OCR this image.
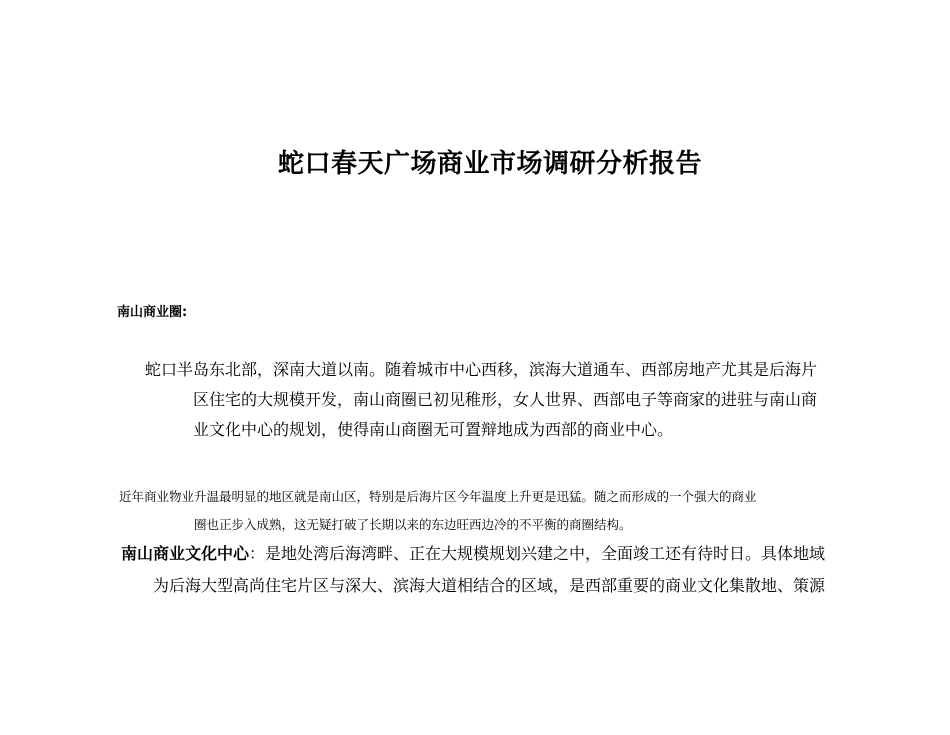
蛇口春天广场商业市场调研分析报告
南山商业圈:

蛇口半岛东北部，深南大道以南。随着城市中心西移，滨海大道通车、西部房地产尤其是后海片
区住宅的大规模开发，南山商圈已初见稚形，女人世界、西部电子等商家的进驻与南山商
业文化中心的规划，使得南山商圈无可置辩地成为西部的商业中心。

近年商业物业升温最明显的地区就是南山区，特别是后海片区今年温度上升更是迅猛。随之而形成的一个强大的商业
圈也正步入成熟，这无疑打破了长期以来的东边旺西边冷的不平衡的商圈结构。

南山商业文化中心：是地处湾后海湾畔、正在大规模规划兴建之中，全面竣工还有待时日。具体地域
为后海大型高尚住宅片区与深大、滨海大道相结合的区域，是西部重要的商业文化集散地、策源
